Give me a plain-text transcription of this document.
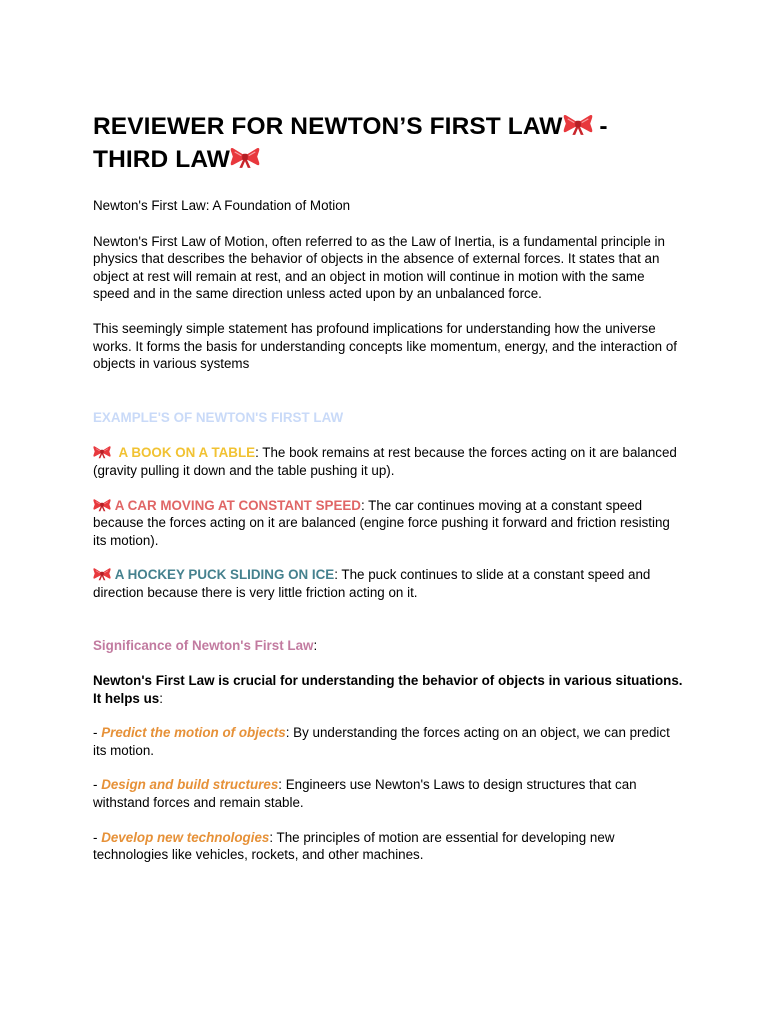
REVIEWER FOR NEWTON’S FIRST LAW
-
THIRD LAW

Newton's First Law: A Foundation of Motion

Newton's First Law of Motion, often referred to as the Law of Inertia, is a fundamental principle in physics that describes the behavior of objects in the absence of external forces. It states that an object at rest will remain at rest, and an object in motion will continue in motion with the same speed and in the same direction unless acted upon by an unbalanced force.

This seemingly simple statement has profound implications for understanding how the universe works. It forms the basis for understanding concepts like momentum, energy, and the interaction of objects in various systems

EXAMPLE'S OF NEWTON'S FIRST LAW

A BOOK ON A TABLE: The book remains at rest because the forces acting on it are balanced (gravity pulling it down and the table pushing it up).

A CAR MOVING AT CONSTANT SPEED: The car continues moving at a constant speed because the forces acting on it are balanced (engine force pushing it forward and friction resisting its motion).

A HOCKEY PUCK SLIDING ON ICE: The puck continues to slide at a constant speed and direction because there is very little friction acting on it.

Significance of Newton's First Law:

Newton's First Law is crucial for understanding the behavior of objects in various situations. It helps us:

- Predict the motion of objects: By understanding the forces acting on an object, we can predict its motion.

- Design and build structures: Engineers use Newton's Laws to design structures that can withstand forces and remain stable.

- Develop new technologies: The principles of motion are essential for developing new technologies like vehicles, rockets, and other machines.
